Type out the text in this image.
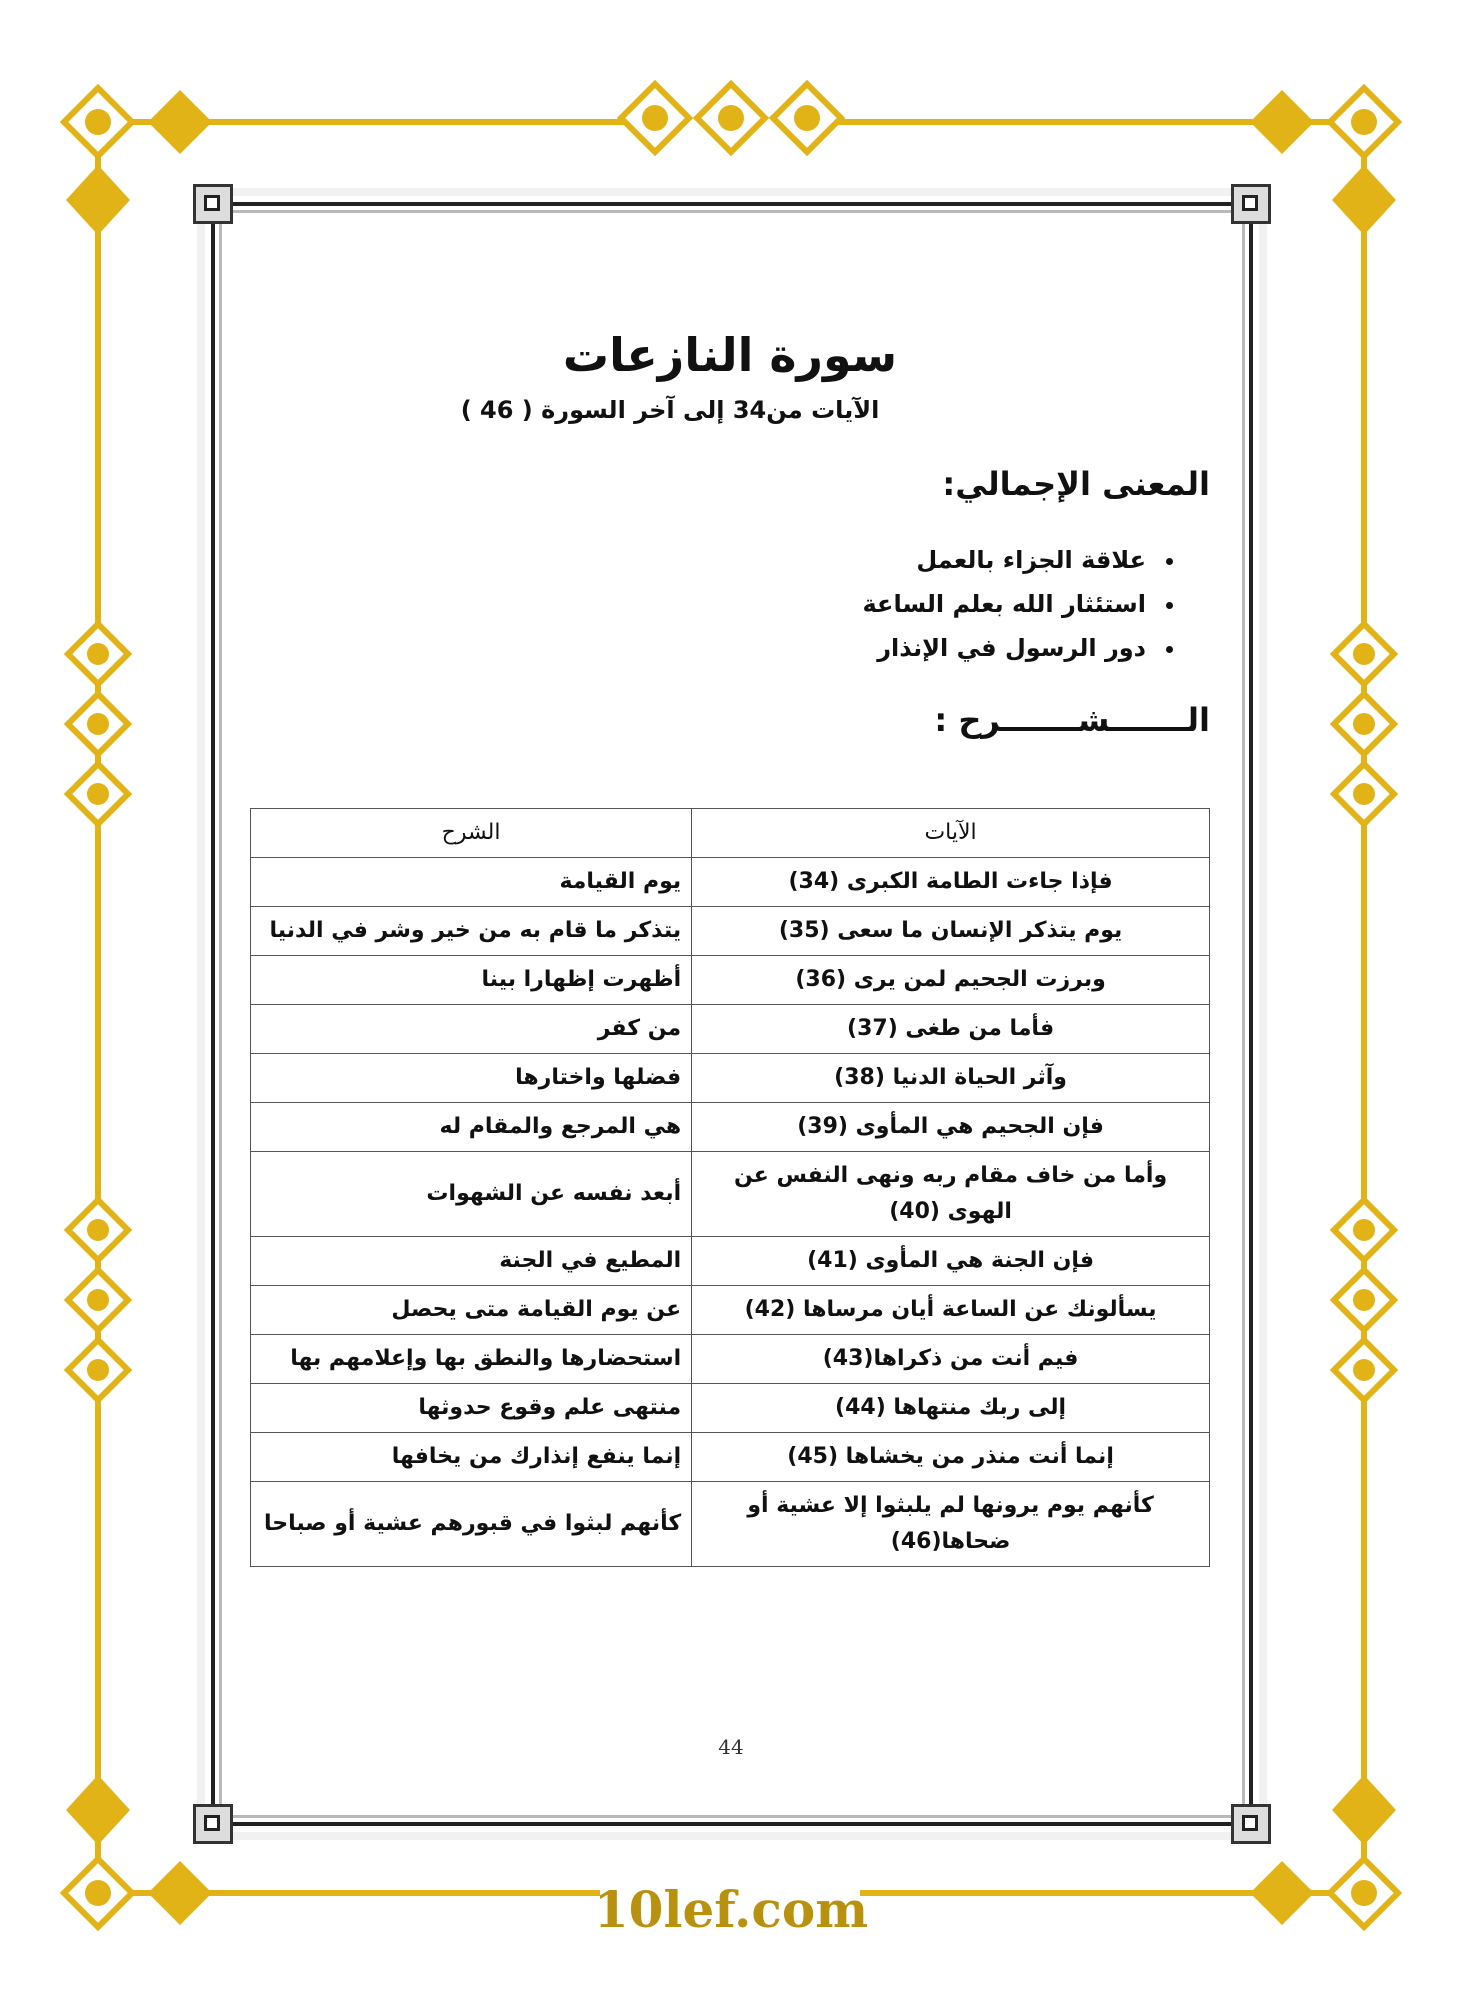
سورة النازعات

الآيات من34 إلى آخر السورة ( 46 )

المعنى الإجمالي:
• علاقة الجزاء بالعمل
• استئثار الله بعلم الساعة
• دور الرسول في الإنذار
الـــــــشـــــــرح :
الآيات	الشرح
فإذا جاءت الطامة الكبرى (34)	يوم القيامة
يوم يتذكر الإنسان ما سعى (35)	يتذكر ما قام به من خير وشر في الدنيا
وبرزت الجحيم لمن يرى (36)	أظهرت إظهارا بينا
فأما من طغى (37)	من كفر
وآثر الحياة الدنيا (38)	فضلها واختارها
فإن الجحيم هي المأوى (39)	هي المرجع والمقام له
وأما من خاف مقام ربه ونهى النفس عن الهوى (40)	أبعد نفسه عن الشهوات
فإن الجنة هي المأوى (41)	المطيع في الجنة
يسألونك عن الساعة أيان مرساها (42)	عن يوم القيامة متى يحصل
فيم أنت من ذكراها(43)	استحضارها والنطق بها وإعلامهم بها
إلى ربك منتهاها (44)	منتهى علم وقوع حدوثها
إنما أنت منذر من يخشاها (45)	إنما ينفع إنذارك من يخافها
كأنهم يوم يرونها لم يلبثوا إلا عشية أو ضحاها(46)	كأنهم لبثوا في قبورهم عشية أو صباحا
44
10lef.com
